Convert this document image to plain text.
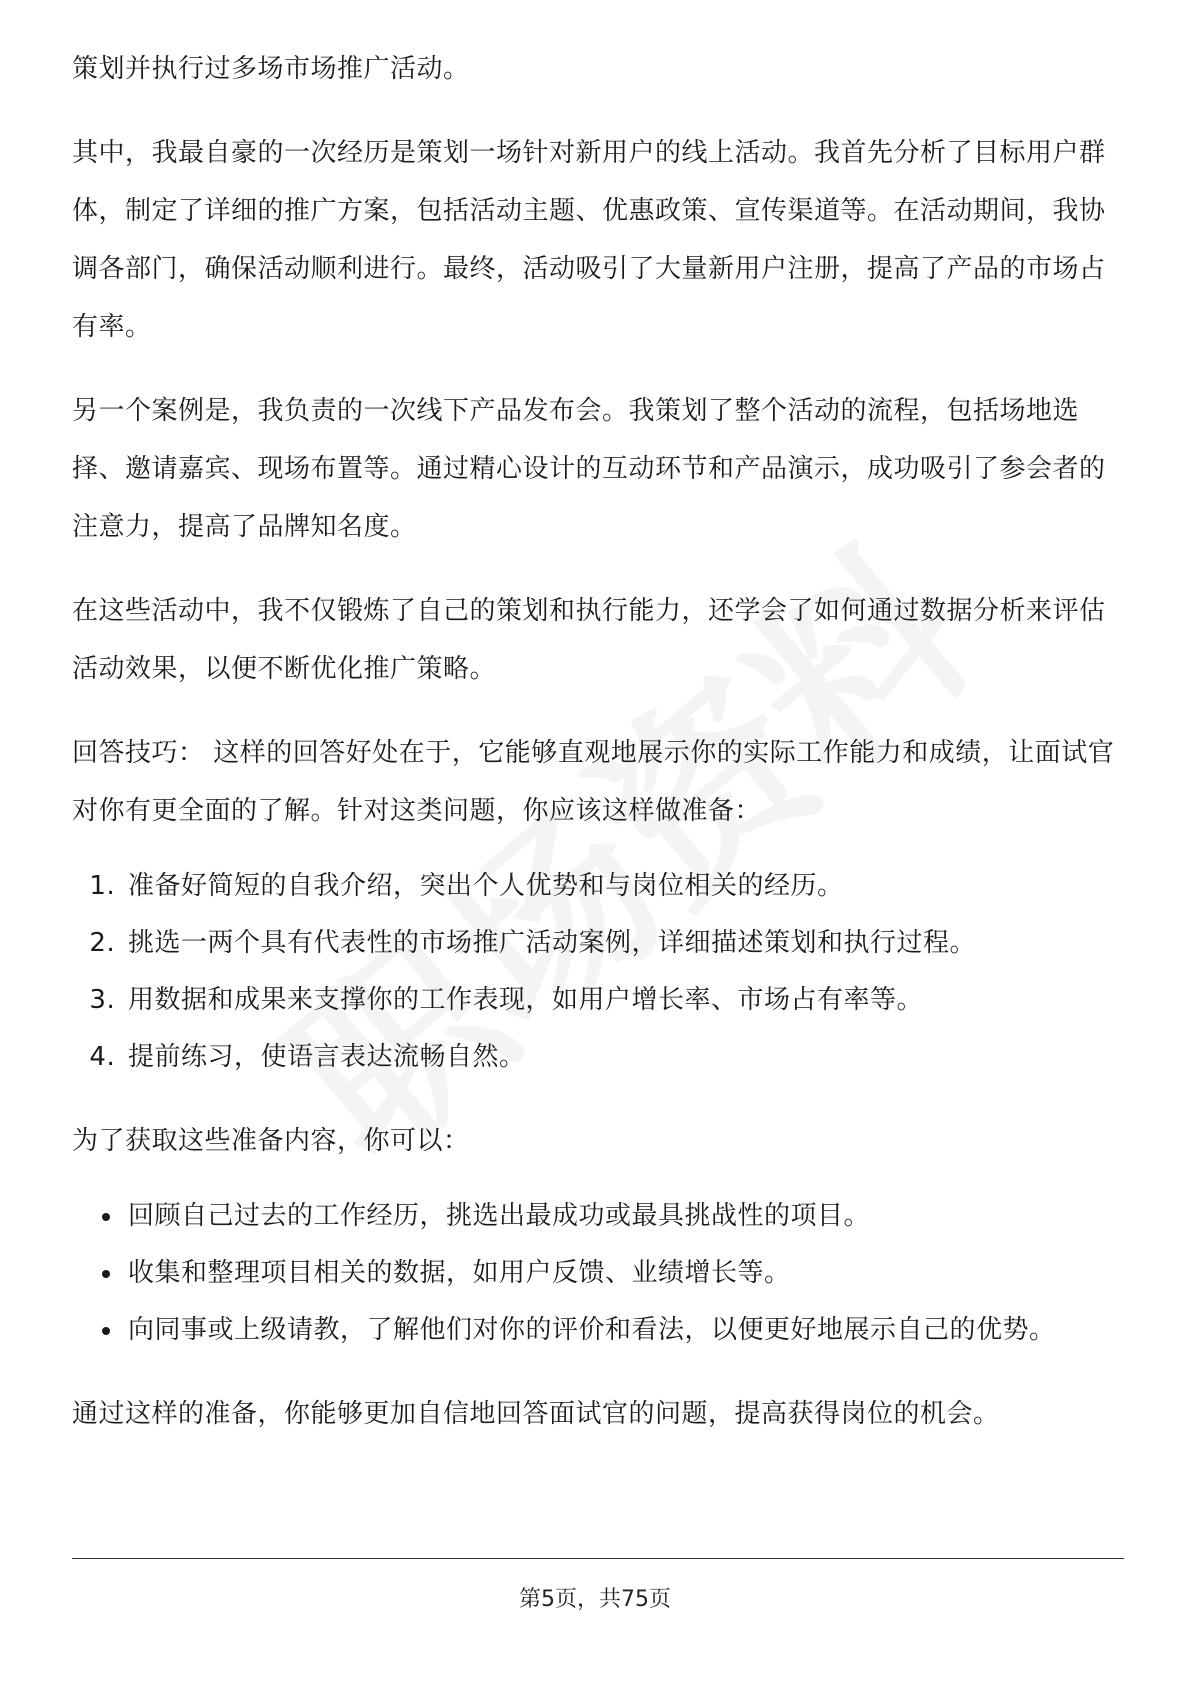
策划并执行过多场市场推广活动。

其中，我最自豪的一次经历是策划一场针对新用户的线上活动。我首先分析了目标用户群体，制定了详细的推广方案，包括活动主题、优惠政策、宣传渠道等。在活动期间，我协调各部门，确保活动顺利进行。最终，活动吸引了大量新用户注册，提高了产品的市场占有率。

另一个案例是，我负责的一次线下产品发布会。我策划了整个活动的流程，包括场地选择、邀请嘉宾、现场布置等。通过精心设计的互动环节和产品演示，成功吸引了参会者的注意力，提高了品牌知名度。

在这些活动中，我不仅锻炼了自己的策划和执行能力，还学会了如何通过数据分析来评估活动效果，以便不断优化推广策略。

回答技巧： 这样的回答好处在于，它能够直观地展示你的实际工作能力和成绩，让面试官对你有更全面的了解。针对这类问题，你应该这样做准备：

1. 准备好简短的自我介绍，突出个人优势和与岗位相关的经历。
2. 挑选一两个具有代表性的市场推广活动案例，详细描述策划和执行过程。
3. 用数据和成果来支撑你的工作表现，如用户增长率、市场占有率等。
4. 提前练习，使语言表达流畅自然。

为了获取这些准备内容，你可以：

• 回顾自己过去的工作经历，挑选出最成功或最具挑战性的项目。
• 收集和整理项目相关的数据，如用户反馈、业绩增长等。
• 向同事或上级请教，了解他们对你的评价和看法，以便更好地展示自己的优势。

通过这样的准备，你能够更加自信地回答面试官的问题，提高获得岗位的机会。

第5页，共75页
